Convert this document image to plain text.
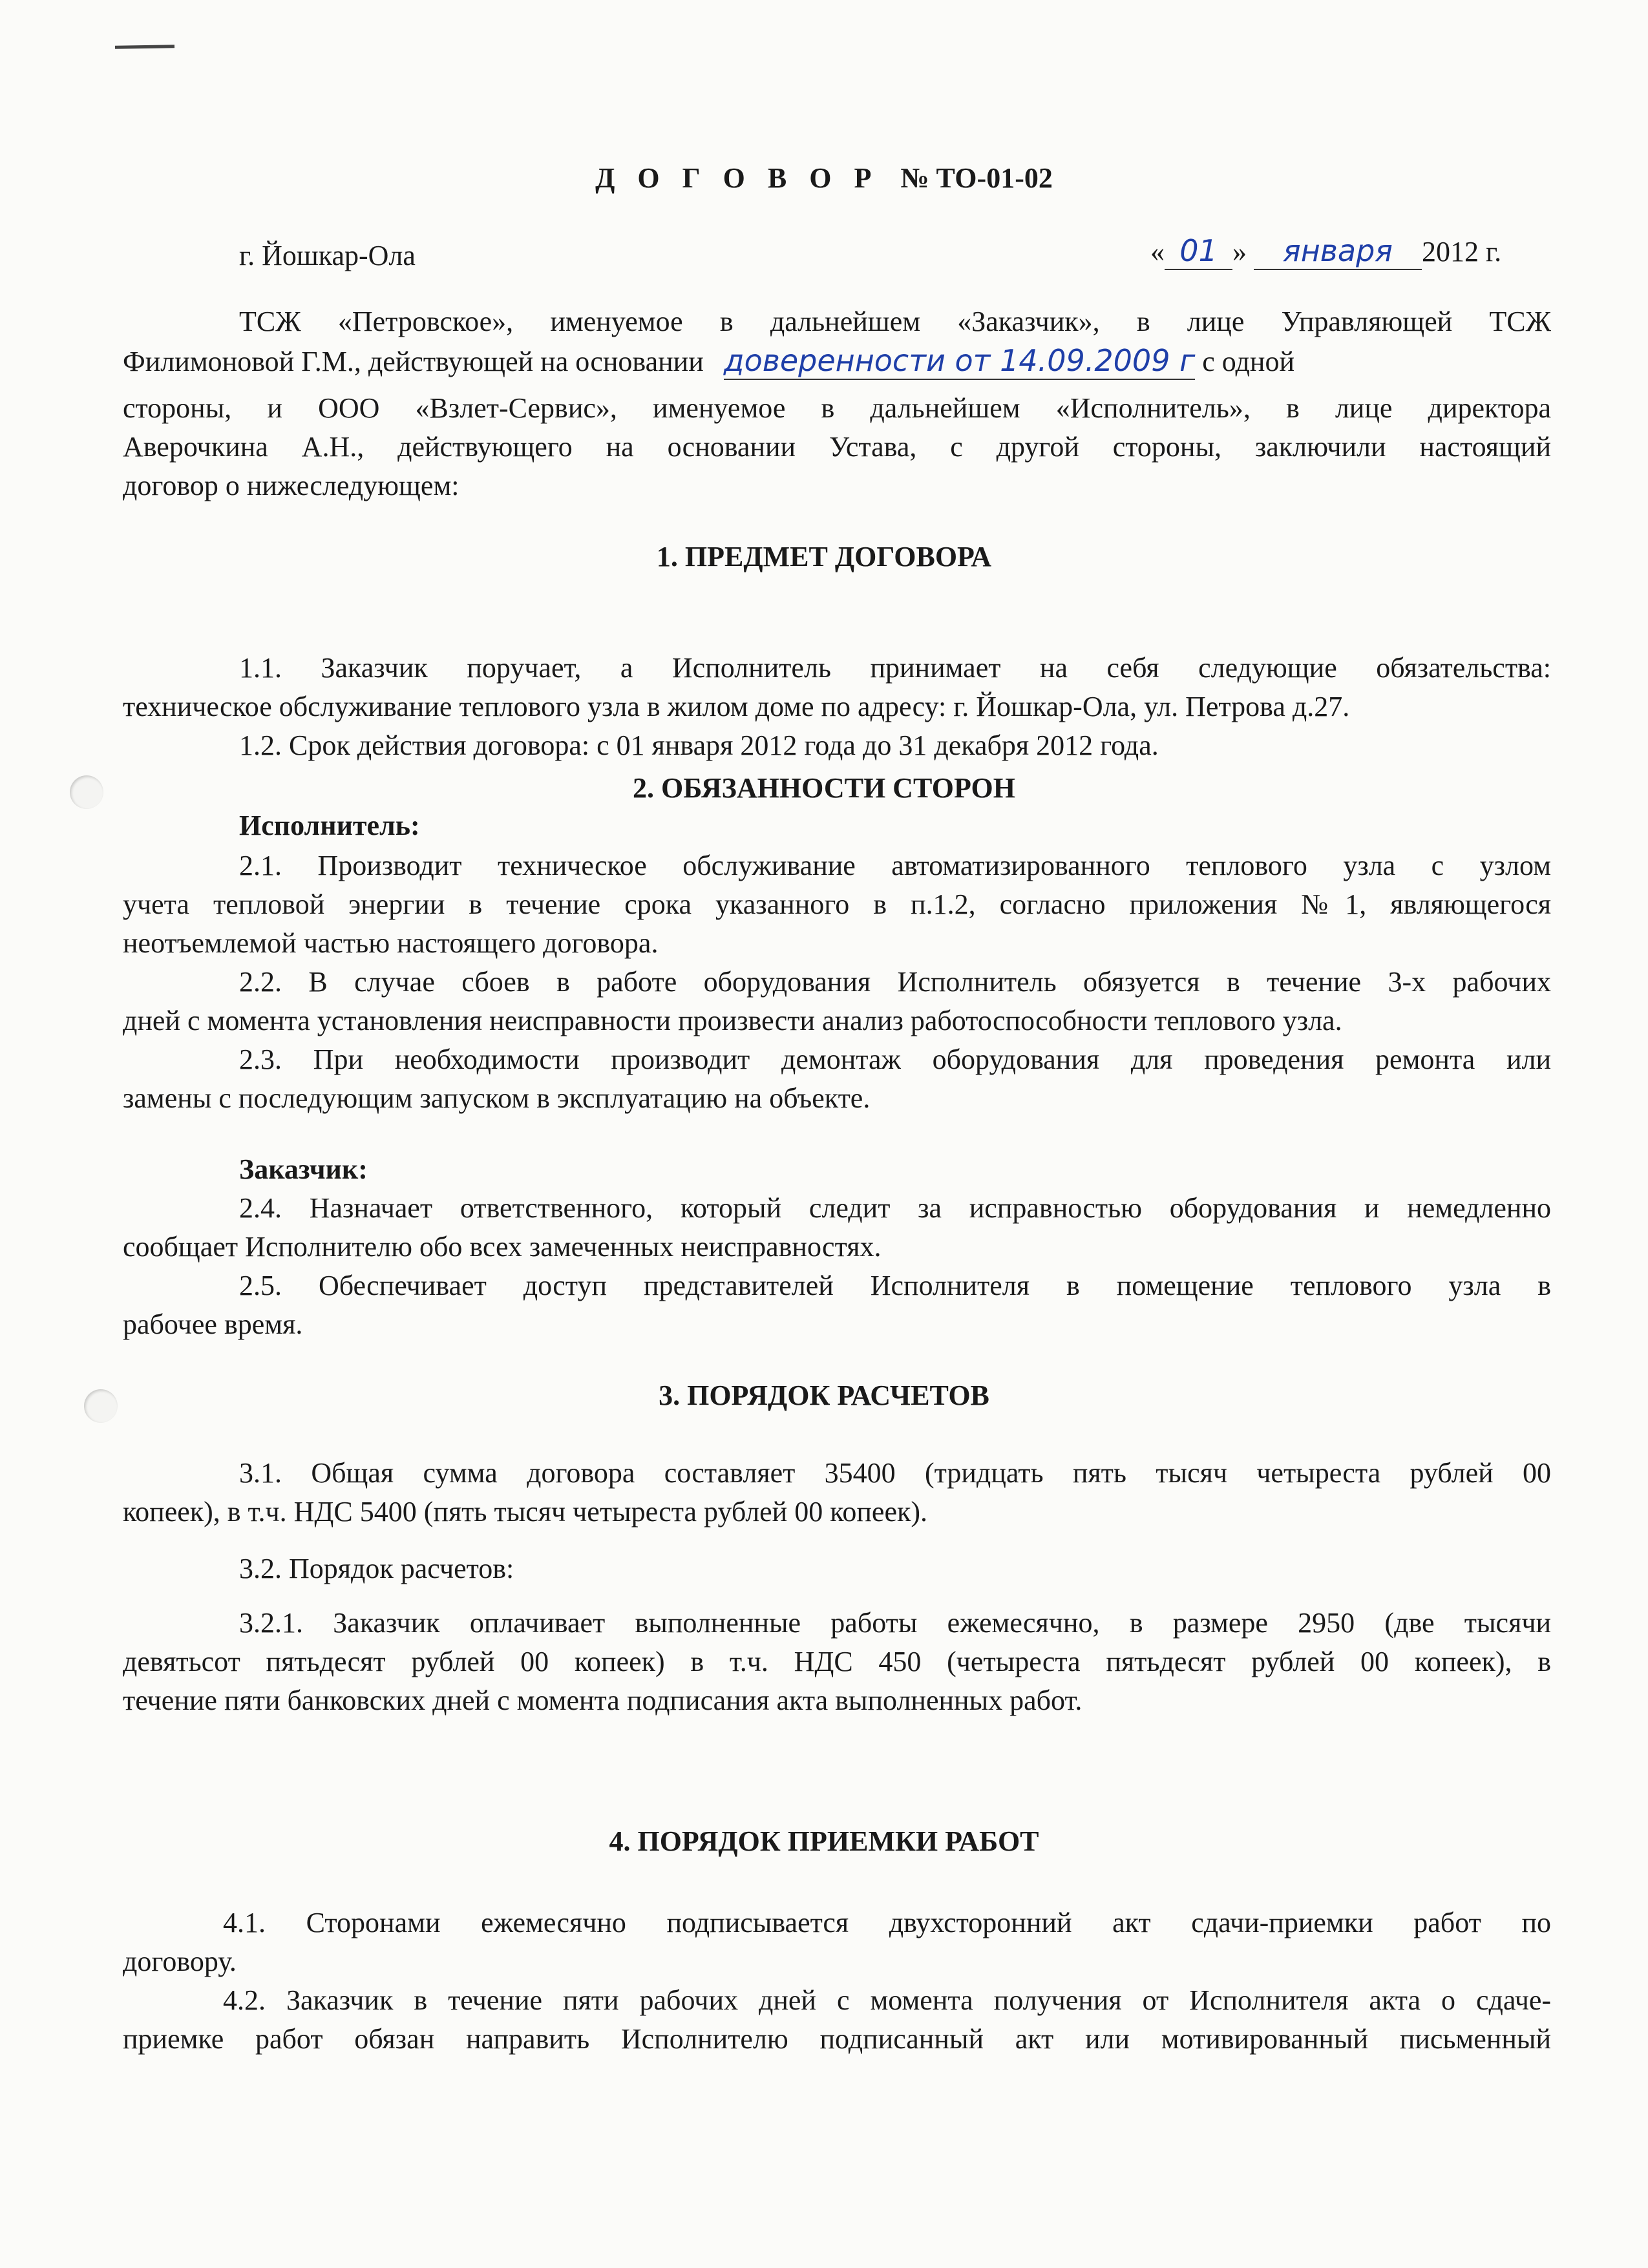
Д О Г О В О Р № ТО-01-02
г. Йошкар-Ола	« 01 » января 2012 г.
ТСЖ «Петровское», именуемое в дальнейшем «Заказчик», в лице Управляющей ТСЖ
Филимоновой Г.М., действующей на основании доверенности от 14.09.2009 г с одной
стороны, и ООО «Взлет-Сервис», именуемое в дальнейшем «Исполнитель», в лице директора
Аверочкина А.Н., действующего на основании Устава, с другой стороны, заключили настоящий
договор о нижеследующем:
1. ПРЕДМЕТ ДОГОВОРА
1.1. Заказчик поручает, а Исполнитель принимает на себя следующие обязательства:
техническое обслуживание теплового узла в жилом доме по адресу: г. Йошкар-Ола, ул. Петрова д.27.
1.2. Срок действия договора: с 01 января 2012 года до 31 декабря 2012 года.
2. ОБЯЗАННОСТИ СТОРОН
Исполнитель:
2.1. Производит техническое обслуживание автоматизированного теплового узла с узлом
учета тепловой энергии в течение срока указанного в п.1.2, согласно приложения №1, являющегося
неотъемлемой частью настоящего договора.
2.2. В случае сбоев в работе оборудования Исполнитель обязуется в течение 3-х рабочих
дней с момента установления неисправности произвести анализ работоспособности теплового узла.
2.3. При необходимости производит демонтаж оборудования для проведения ремонта или
замены с последующим запуском в эксплуатацию на объекте.
Заказчик:
2.4. Назначает ответственного, который следит за исправностью оборудования и немедленно
сообщает Исполнителю обо всех замеченных неисправностях.
2.5. Обеспечивает доступ представителей Исполнителя в помещение теплового узла в
рабочее время.
3. ПОРЯДОК РАСЧЕТОВ
3.1. Общая сумма договора составляет 35400 (тридцать пять тысяч четыреста рублей 00
копеек), в т.ч. НДС 5400 (пять тысяч четыреста рублей 00 копеек).
3.2. Порядок расчетов:
3.2.1. Заказчик оплачивает выполненные работы ежемесячно, в размере 2950 (две тысячи
девятьсот пятьдесят рублей 00 копеек) в т.ч. НДС 450 (четыреста пятьдесят рублей 00 копеек), в
течение пяти банковских дней с момента подписания акта выполненных работ.
4. ПОРЯДОК ПРИЕМКИ РАБОТ
4.1. Сторонами ежемесячно подписывается двухсторонний акт сдачи-приемки работ по
договору.
4.2. Заказчик в течение пяти рабочих дней с момента получения от Исполнителя акта о сдаче-
приемке работ обязан направить Исполнителю подписанный акт или мотивированный письменный
